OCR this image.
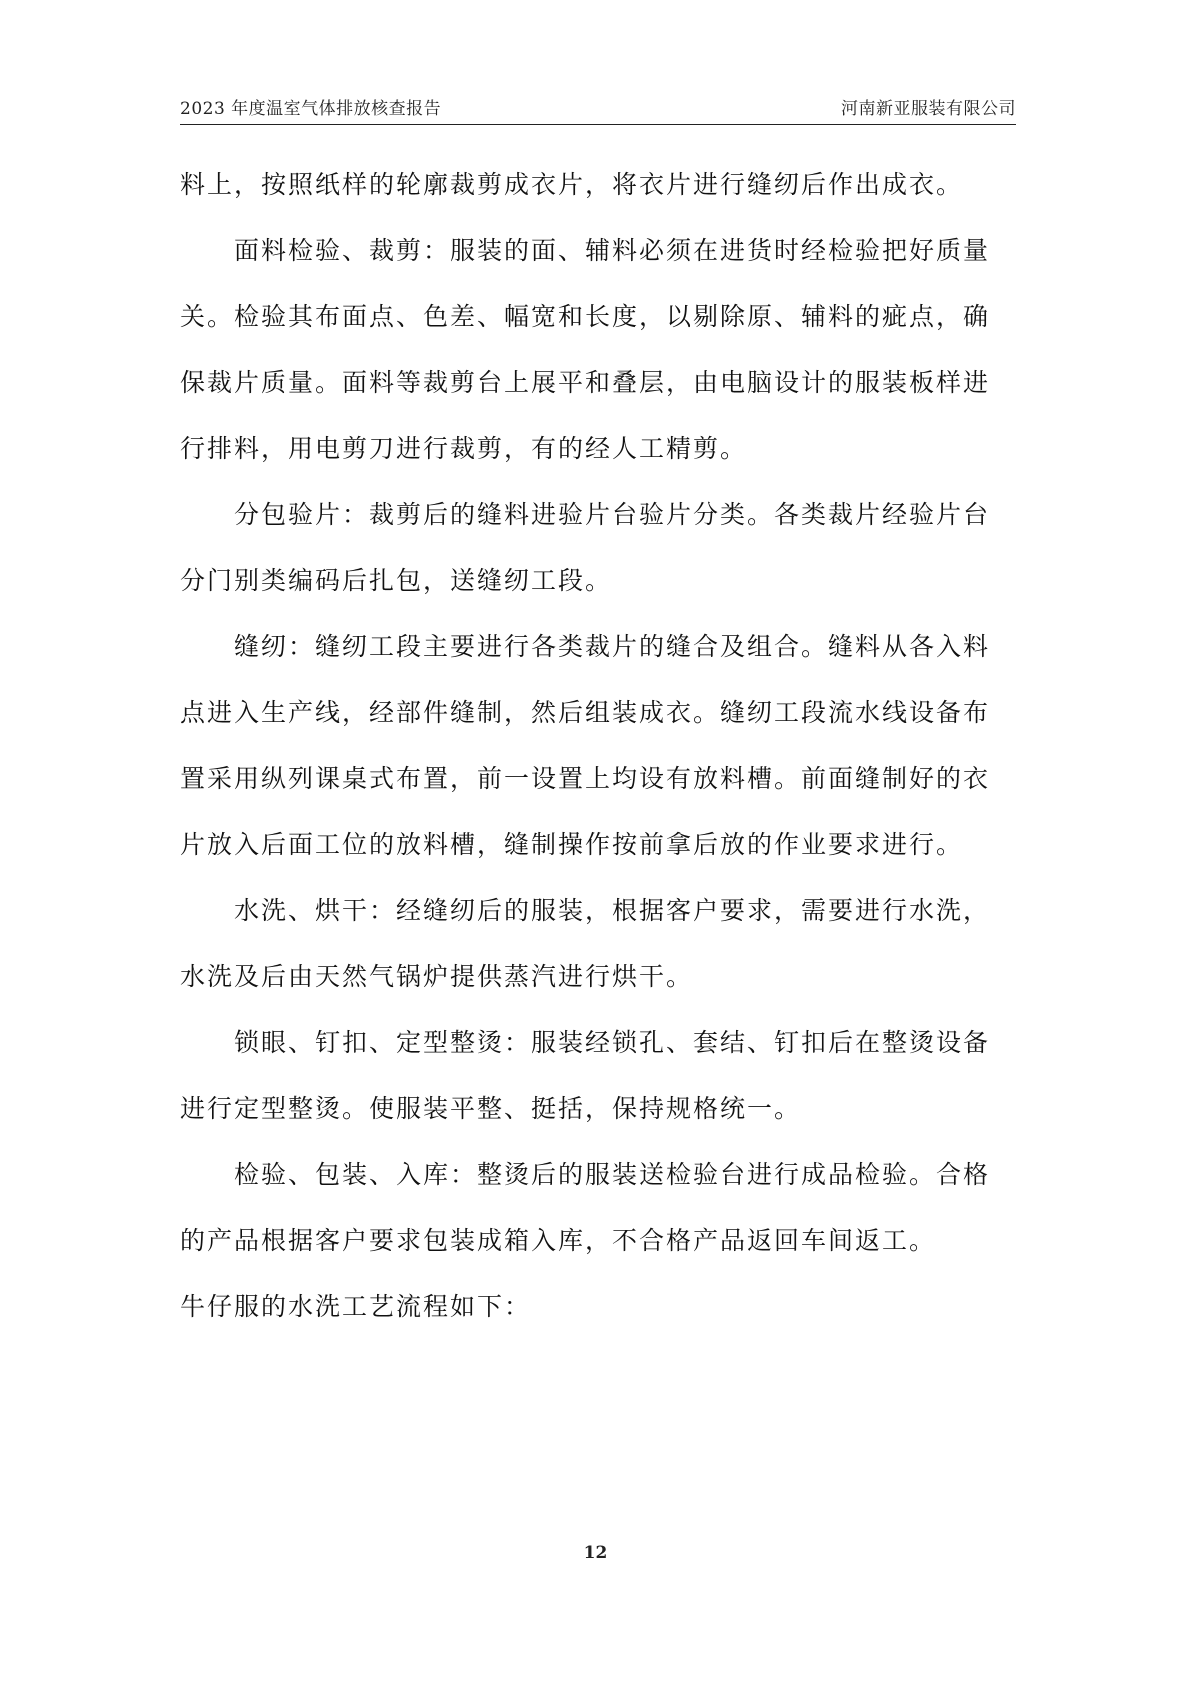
2023 年度温室气体排放核查报告	河南新亚服装有限公司

料上，按照纸样的轮廓裁剪成衣片，将衣片进行缝纫后作出成衣。

面料检验、裁剪：服装的面、辅料必须在进货时经检验把好质量

关。检验其布面点、色差、幅宽和长度，以剔除原、辅料的疵点，确

保裁片质量。面料等裁剪台上展平和叠层，由电脑设计的服装板样进

行排料，用电剪刀进行裁剪，有的经人工精剪。

分包验片：裁剪后的缝料进验片台验片分类。各类裁片经验片台

分门别类编码后扎包，送缝纫工段。

缝纫：缝纫工段主要进行各类裁片的缝合及组合。缝料从各入料

点进入生产线，经部件缝制，然后组装成衣。缝纫工段流水线设备布

置采用纵列课桌式布置，前一设置上均设有放料槽。前面缝制好的衣

片放入后面工位的放料槽，缝制操作按前拿后放的作业要求进行。

水洗、烘干：经缝纫后的服装，根据客户要求，需要进行水洗，

水洗及后由天然气锅炉提供蒸汽进行烘干。

锁眼、钉扣、定型整烫：服装经锁孔、套结、钉扣后在整烫设备

进行定型整烫。使服装平整、挺括，保持规格统一。

检验、包装、入库：整烫后的服装送检验台进行成品检验。合格

的产品根据客户要求包装成箱入库，不合格产品返回车间返工。

牛仔服的水洗工艺流程如下：

12
